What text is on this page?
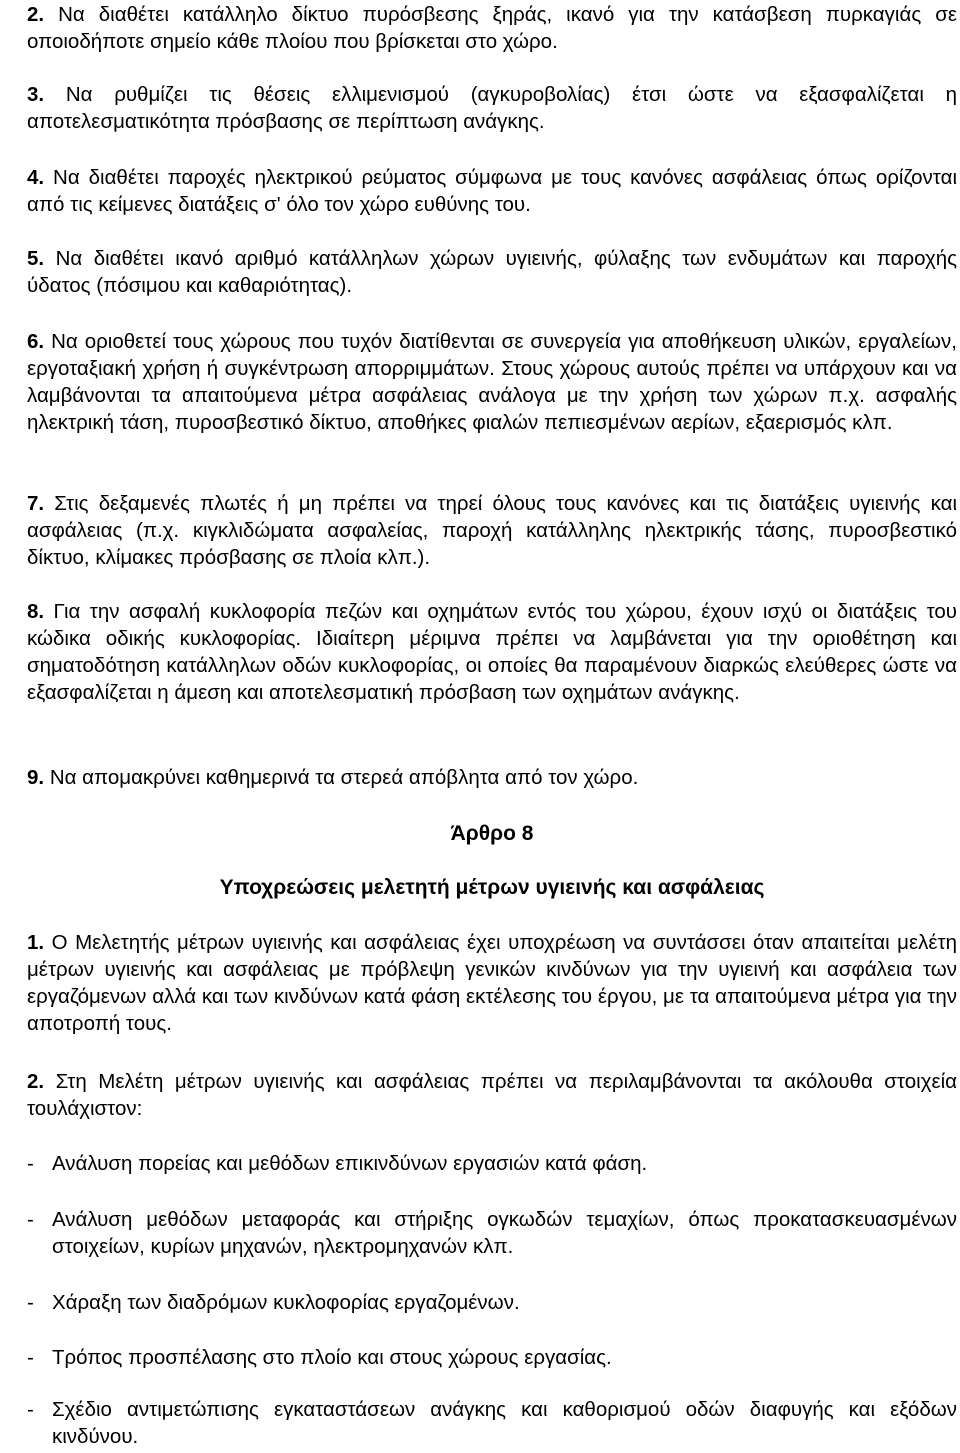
2. Να διαθέτει κατάλληλο δίκτυο πυρόσβεσης ξηράς, ικανό για την κατάσβεση πυρκαγιάς σε οποιοδήποτε σημείο κάθε πλοίου που βρίσκεται στο χώρο.
3. Να ρυθμίζει τις θέσεις ελλιμενισμού (αγκυροβολίας) έτσι ώστε να εξασφαλίζεται η αποτελεσματικότητα πρόσβασης σε περίπτωση ανάγκης.
4. Να διαθέτει παροχές ηλεκτρικού ρεύματος σύμφωνα με τους κανόνες ασφάλειας όπως ορίζονται από τις κείμενες διατάξεις σ' όλο τον χώρο ευθύνης του.
5. Να διαθέτει ικανό αριθμό κατάλληλων χώρων υγιεινής, φύλαξης των ενδυμάτων και παροχής ύδατος (πόσιμου και καθαριότητας).
6. Να οριοθετεί τους χώρους που τυχόν διατίθενται σε συνεργεία για αποθήκευση υλικών, εργαλείων, εργοταξιακή χρήση ή συγκέντρωση απορριμμάτων. Στους χώρους αυτούς πρέπει να υπάρχουν και να λαμβάνονται τα απαιτούμενα μέτρα ασφάλειας ανάλογα με την χρήση των χώρων π.χ. ασφαλής ηλεκτρική τάση, πυροσβεστικό δίκτυο, αποθήκες φιαλών πεπιεσμένων αερίων, εξαερισμός κλπ.
7. Στις δεξαμενές πλωτές ή μη πρέπει να τηρεί όλους τους κανόνες και τις διατάξεις υγιεινής και ασφάλειας (π.χ. κιγκλιδώματα ασφαλείας, παροχή κατάλληλης ηλεκτρικής τάσης, πυροσβεστικό δίκτυο, κλίμακες πρόσβασης σε πλοία κλπ.).
8. Για την ασφαλή κυκλοφορία πεζών και οχημάτων εντός του χώρου, έχουν ισχύ οι διατάξεις του κώδικα οδικής κυκλοφορίας. Ιδιαίτερη μέριμνα πρέπει να λαμβάνεται για την οριοθέτηση και σηματοδότηση κατάλληλων οδών κυκλοφορίας, οι οποίες θα παραμένουν διαρκώς ελεύθερες ώστε να εξασφαλίζεται η άμεση και αποτελεσματική πρόσβαση των οχημάτων ανάγκης.
9. Να απομακρύνει καθημερινά τα στερεά απόβλητα από τον χώρο.
Άρθρο 8
Υποχρεώσεις μελετητή μέτρων υγιεινής και ασφάλειας
1. Ο Μελετητής μέτρων υγιεινής και ασφάλειας έχει υποχρέωση να συντάσσει όταν απαιτείται μελέτη μέτρων υγιεινής και ασφάλειας με πρόβλεψη γενικών κινδύνων για την υγιεινή και ασφάλεια των εργαζόμενων αλλά και των κινδύνων κατά φάση εκτέλεσης του έργου, με τα απαιτούμενα μέτρα για την αποτροπή τους.
2. Στη Μελέτη μέτρων υγιεινής και ασφάλειας πρέπει να περιλαμβάνονται τα ακόλουθα στοιχεία τουλάχιστον:
- Ανάλυση πορείας και μεθόδων επικινδύνων εργασιών κατά φάση.
- Ανάλυση μεθόδων μεταφοράς και στήριξης ογκωδών τεμαχίων, όπως προκατασκευασμένων στοιχείων, κυρίων μηχανών, ηλεκτρομηχανών κλπ.
- Χάραξη των διαδρόμων κυκλοφορίας εργαζομένων.
- Τρόπος προσπέλασης στο πλοίο και στους χώρους εργασίας.
- Σχέδιο αντιμετώπισης εγκαταστάσεων ανάγκης και καθορισμού οδών διαφυγής και εξόδων κινδύνου.
